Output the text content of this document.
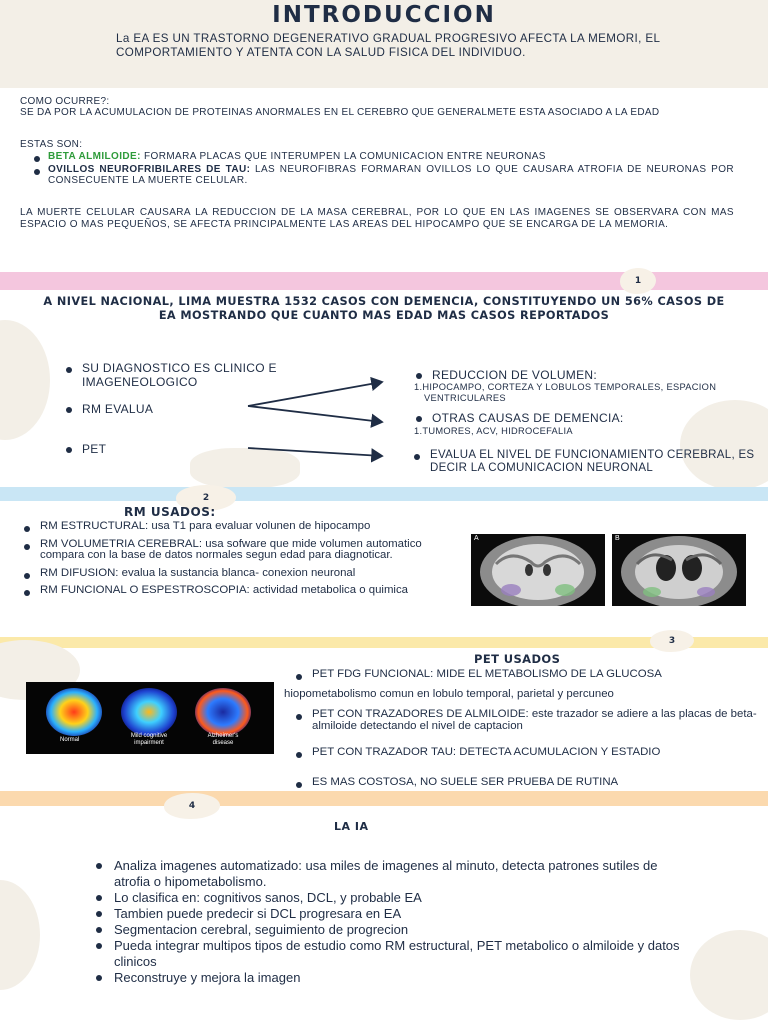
INTRODUCCION
La EA ES UN TRASTORNO DEGENERATIVO GRADUAL PROGRESIVO AFECTA LA MEMORI, EL COMPORTAMIENTO Y ATENTA CON LA SALUD FISICA DEL INDIVIDUO.
COMO OCURRE?:
SE DA POR LA ACUMULACION DE PROTEINAS ANORMALES EN EL CEREBRO QUE GENERALMETE ESTA ASOCIADO A LA EDAD
ESTAS SON:
BETA ALMILOIDE: FORMARA PLACAS QUE INTERUMPEN LA COMUNICACION ENTRE NEURONAS
OVILLOS NEUROFRIBILARES DE TAU: LAS NEUROFIBRAS FORMARAN OVILLOS LO QUE CAUSARA ATROFIA DE NEURONAS POR CONSECUENTE LA MUERTE CELULAR.
LA MUERTE CELULAR CAUSARA LA REDUCCION DE LA MASA CEREBRAL, POR LO QUE EN LAS IMAGENES SE OBSERVARA CON MAS ESPACIO O MAS PEQUEÑOS, SE AFECTA PRINCIPALMENTE LAS AREAS DEL HIPOCAMPO QUE SE ENCARGA DE LA MEMORIA.
1
A NIVEL NACIONAL, LIMA MUESTRA 1532 CASOS CON DEMENCIA, CONSTITUYENDO UN 56% CASOS DE EA MOSTRANDO QUE CUANTO MAS EDAD MAS CASOS REPORTADOS
SU DIAGNOSTICO ES CLINICO E IMAGENEOLOGICO
RM EVALUA
PET
REDUCCION DE VOLUMEN:
1.HIPOCAMPO, CORTEZA Y LOBULOS TEMPORALES, ESPACION VENTRICULARES
OTRAS CAUSAS DE DEMENCIA:
1.TUMORES, ACV, HIDROCEFALIA
EVALUA EL NIVEL DE FUNCIONAMIENTO CEREBRAL, ES DECIR LA COMUNICACION NEURONAL
2
RM USADOS:
RM ESTRUCTURAL: usa T1 para evaluar volunen de hipocampo
RM VOLUMETRIA CEREBRAL: usa sofware que mide volumen automatico compara con la base de datos normales segun edad para diagnoticar.
RM DIFUSION: evalua la sustancia blanca- conexion neuronal
RM FUNCIONAL O ESPESTROSCOPIA: actividad metabolica o quimica
A	B
3
PET USADOS
Normal
Mild cognitive impairment
Alzheimer's disease
PET FDG FUNCIONAL: MIDE EL METABOLISMO DE LA GLUCOSA
hiopometabolismo comun en lobulo temporal, parietal y percuneo
PET CON TRAZADORES DE ALMILOIDE: este trazador se adiere a las placas de beta-almiloide detectando el nivel de captacion
PET CON TRAZADOR TAU: DETECTA ACUMULACION Y ESTADIO
ES MAS COSTOSA, NO SUELE SER PRUEBA DE RUTINA
4
LA IA
Analiza imagenes automatizado: usa miles de imagenes al minuto, detecta patrones sutiles de atrofia o hipometabolismo.
Lo clasifica en: cognitivos sanos, DCL, y probable EA
Tambien puede predecir si DCL progresara en EA
Segmentacion cerebral, seguimiento de progrecion
Pueda integrar multipos tipos de estudio como RM estructural, PET metabolico o almiloide y datos clinicos
Reconstruye y mejora la imagen
